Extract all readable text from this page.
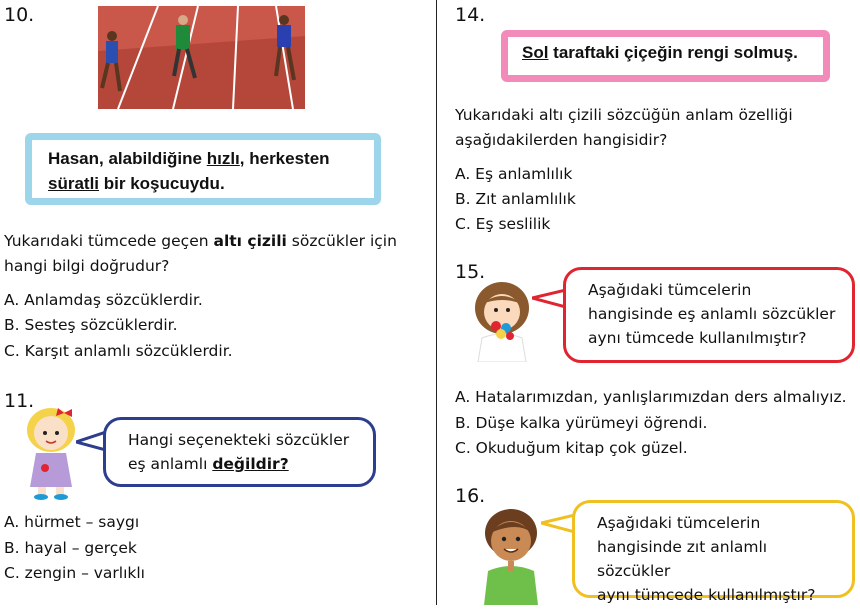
10.
Hasan, alabildiğine hızlı, herkesten
süratli bir koşucuydu.
Yukarıdaki tümcede geçen altı çizili sözcükler için
hangi bilgi doğrudur?
A. Anlamdaş sözcüklerdir.
B. Sesteş sözcüklerdir.
C. Karşıt anlamlı sözcüklerdir.
11.
Hangi seçenekteki sözcükler
eş anlamlı değildir?
A. hürmet – saygı
B. hayal – gerçek
C. zengin – varlıklı
14.
Sol taraftaki çiçeğin rengi solmuş.
Yukarıdaki altı çizili sözcüğün anlam özelliği
aşağıdakilerden hangisidir?
A. Eş anlamlılık
B. Zıt anlamlılık
C. Eş seslilik
15.
Aşağıdaki tümcelerin
hangisinde eş anlamlı sözcükler
aynı tümcede kullanılmıştır?
A. Hatalarımızdan, yanlışlarımızdan ders almalıyız.
B. Düşe kalka yürümeyi öğrendi.
C. Okuduğum kitap çok güzel.
16.
Aşağıdaki tümcelerin
hangisinde zıt anlamlı sözcükler
aynı tümcede kullanılmıştır?
